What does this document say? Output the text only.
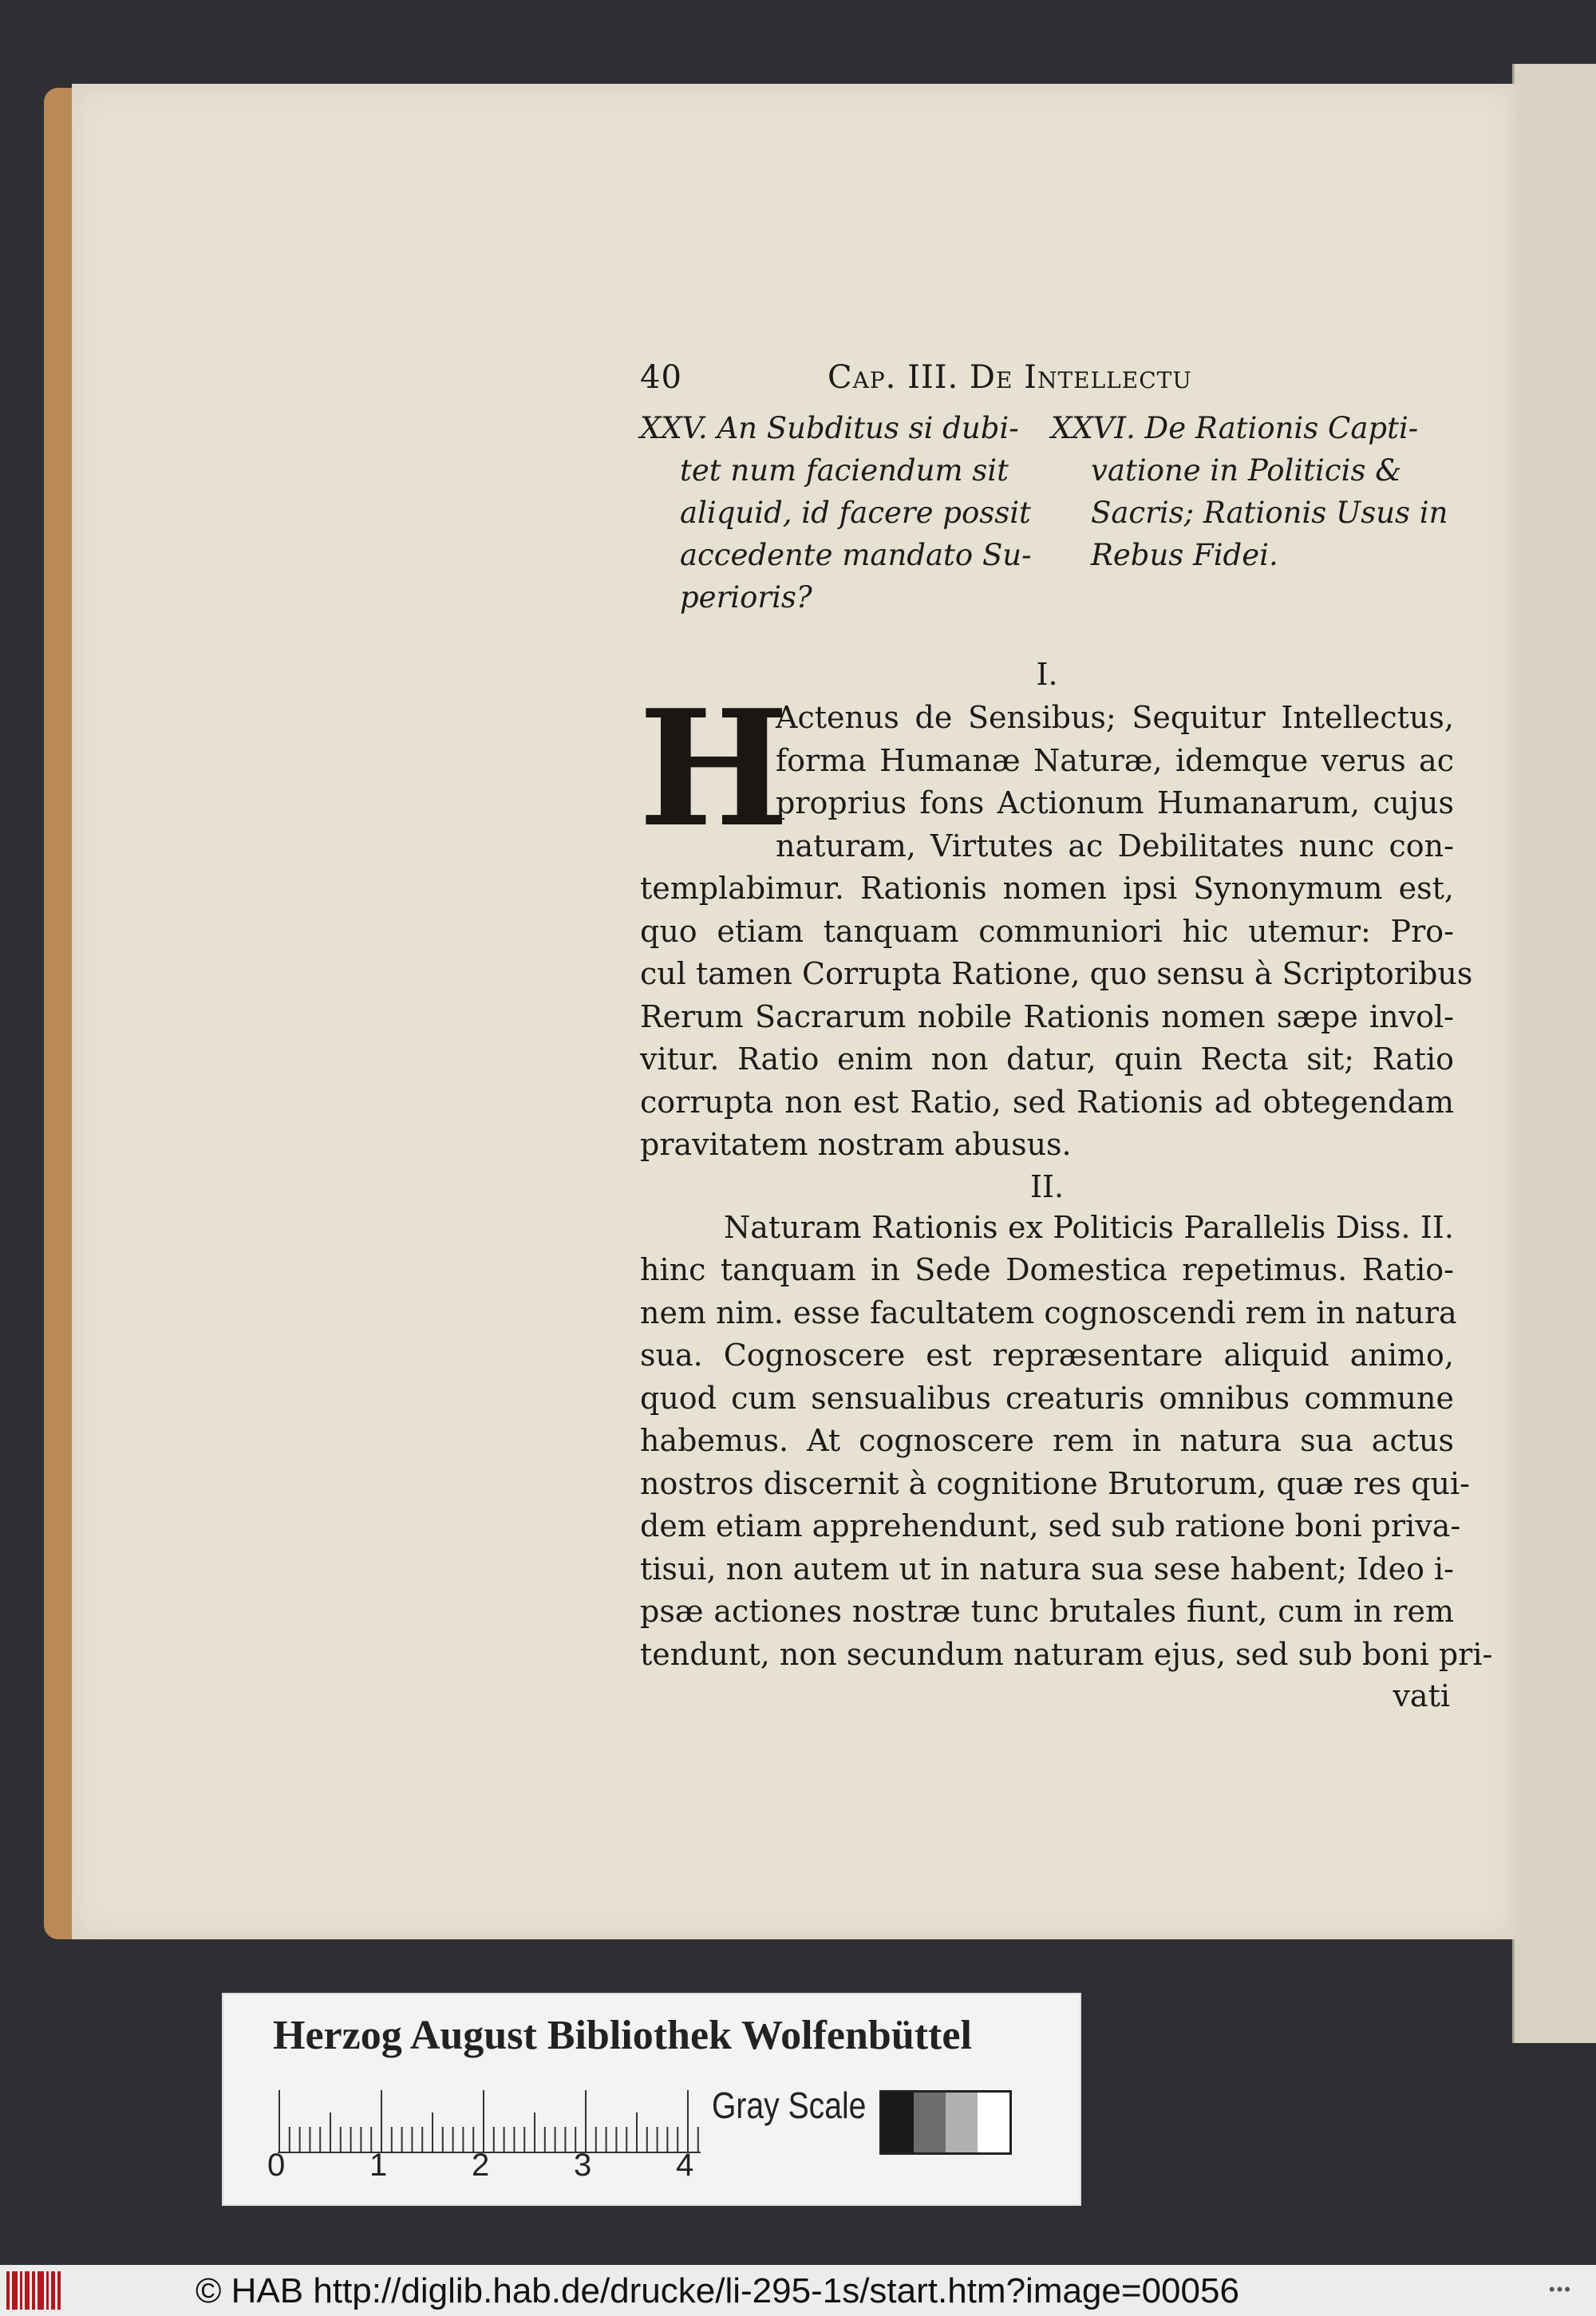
40	Cap. III. De Intellectu
XXV. An Subditus si dubi-
tet num faciendum sit
aliquid, id facere possit
accedente mandato Su-
perioris?
XXVI. De Rationis Capti-
vatione in Politicis &
Sacris; Rationis Usus in
Rebus Fidei.
I.
H
Actenus de Sensibus; Sequitur Intellectus,
forma Humanæ Naturæ, idemque verus ac
proprius fons Actionum Humanarum, cujus
naturam, Virtutes ac Debilitates nunc con-
templabimur. Rationis nomen ipsi Synonymum est,
quo etiam tanquam communiori hic utemur: Pro-
cul tamen Corrupta Ratione, quo sensu à Scriptoribus
Rerum Sacrarum nobile Rationis nomen sæpe invol-
vitur. Ratio enim non datur, quin Recta sit; Ratio
corrupta non est Ratio, sed Rationis ad obtegendam
pravitatem nostram abusus.
II.
Naturam Rationis ex Politicis Parallelis Diss. II.
hinc tanquam in Sede Domestica repetimus. Ratio-
nem nim. esse facultatem cognoscendi rem in natura
sua. Cognoscere est repræsentare aliquid animo,
quod cum sensualibus creaturis omnibus commune
habemus. At cognoscere rem in natura sua actus
nostros discernit à cognitione Brutorum, quæ res qui-
dem etiam apprehendunt, sed sub ratione boni priva-
tisui, non autem ut in natura sua sese habent; Ideo i-
psæ actiones nostræ tunc brutales fiunt, cum in rem
tendunt, non secundum naturam ejus, sed sub boni pri-
vati
Herzog August Bibliothek Wolfenbüttel
0	1	2	3	4
Gray Scale
© HAB http://diglib.hab.de/drucke/li-295-1s/start.htm?image=00056	•••
